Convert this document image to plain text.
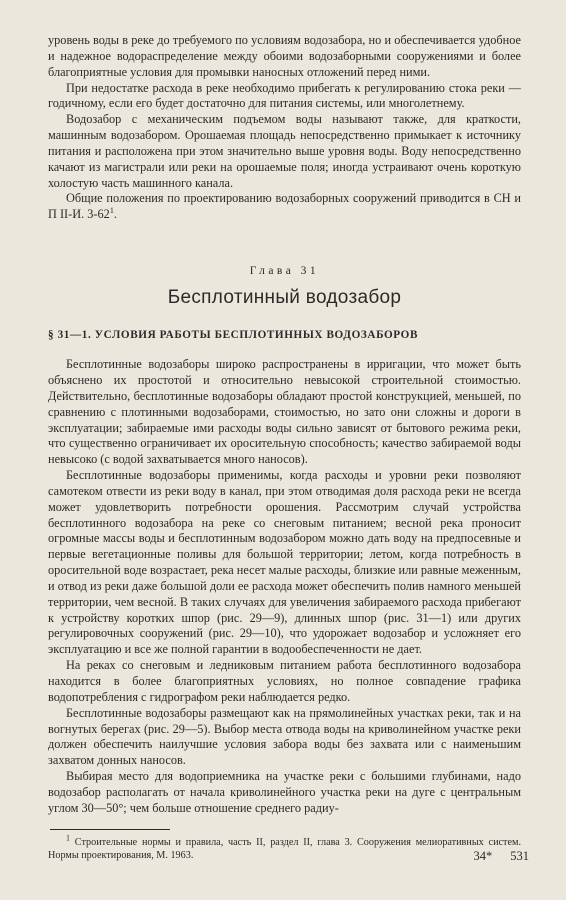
уровень воды в реке до требуемого по условиям водозабора, но и обеспечивается удобное и надежное водораспределение между обоими водозаборными сооружениями и более благоприятные условия для промывки наносных отложений перед ними.

При недостатке расхода в реке необходимо прибегать к регулированию стока реки — годичному, если его будет достаточно для питания системы, или многолетнему.

Водозабор с механическим подъемом воды называют также, для краткости, машинным водозабором. Орошаемая площадь непосредственно примыкает к источнику питания и расположена при этом значительно выше уровня воды. Воду непосредственно качают из магистрали или реки на орошаемые поля; иногда устраивают очень короткую холостую часть машинного канала.

Общие положения по проектированию водозаборных сооружений приводится в СН и П II-И. $3-62^1$.

Глава 31
Бесплотинный водозабор
§ 31—1. УСЛОВИЯ РАБОТЫ БЕСПЛОТИННЫХ ВОДОЗАБОРОВ

Бесплотинные водозаборы широко распространены в ирригации, что может быть объяснено их простотой и относительно невысокой строительной стоимостью. Действительно, бесплотинные водозаборы обладают простой конструкцией, меньшей, по сравнению с плотинными водозаборами, стоимостью, но зато они сложны и дороги в эксплуатации; забираемые ими расходы воды сильно зависят от бытового режима реки, что существенно ограничивает их оросительную способность; качество забираемой воды невысоко (с водой захватывается много наносов).

Бесплотинные водозаборы применимы, когда расходы и уровни реки позволяют самотеком отвести из реки воду в канал, при этом отводимая доля расхода реки не всегда может удовлетворить потребности орошения. Рассмотрим случай устройства бесплотинного водозабора на реке со снеговым питанием; весной река проносит огромные массы воды и бесплотинным водозабором можно дать воду на предпосевные и первые вегетационные поливы для большой территории; летом, когда потребность в оросительной воде возрастает, река несет малые расходы, близкие или равные меженным, и отвод из реки даже большой доли ее расхода может обеспечить полив намного меньшей территории, чем весной. В таких случаях для увеличения забираемого расхода прибегают к устройству коротких шпор (рис. 29—9), длинных шпор (рис. 31—1) или других регулировочных сооружений (рис. 29—10), что удорожает водозабор и усложняет его эксплуатацию и все же полной гарантии в водообеспеченности не дает.

На реках со снеговым и ледниковым питанием работа бесплотинного водозабора находится в более благоприятных условиях, но полное совпадение графика водопотребления с гидрографом реки наблюдается редко.

Бесплотинные водозаборы размещают как на прямолинейных участках реки, так и на вогнутых берегах (рис. 29—5). Выбор места отвода воды на криволинейном участке реки должен обеспечить наилучшие условия забора воды без захвата или с наименьшим захватом донных наносов.

Выбирая место для водоприемника на участке реки с большими глубинами, надо водозабор располагать от начала криволинейного участка реки на дуге с центральным углом 30—50°; чем больше отношение среднего радиу-

$^1$ Строительные нормы и правила, часть II, раздел II, глава 3. Сооружения мелиоративных систем. Нормы проектирования, М. 1963.	34* 531
